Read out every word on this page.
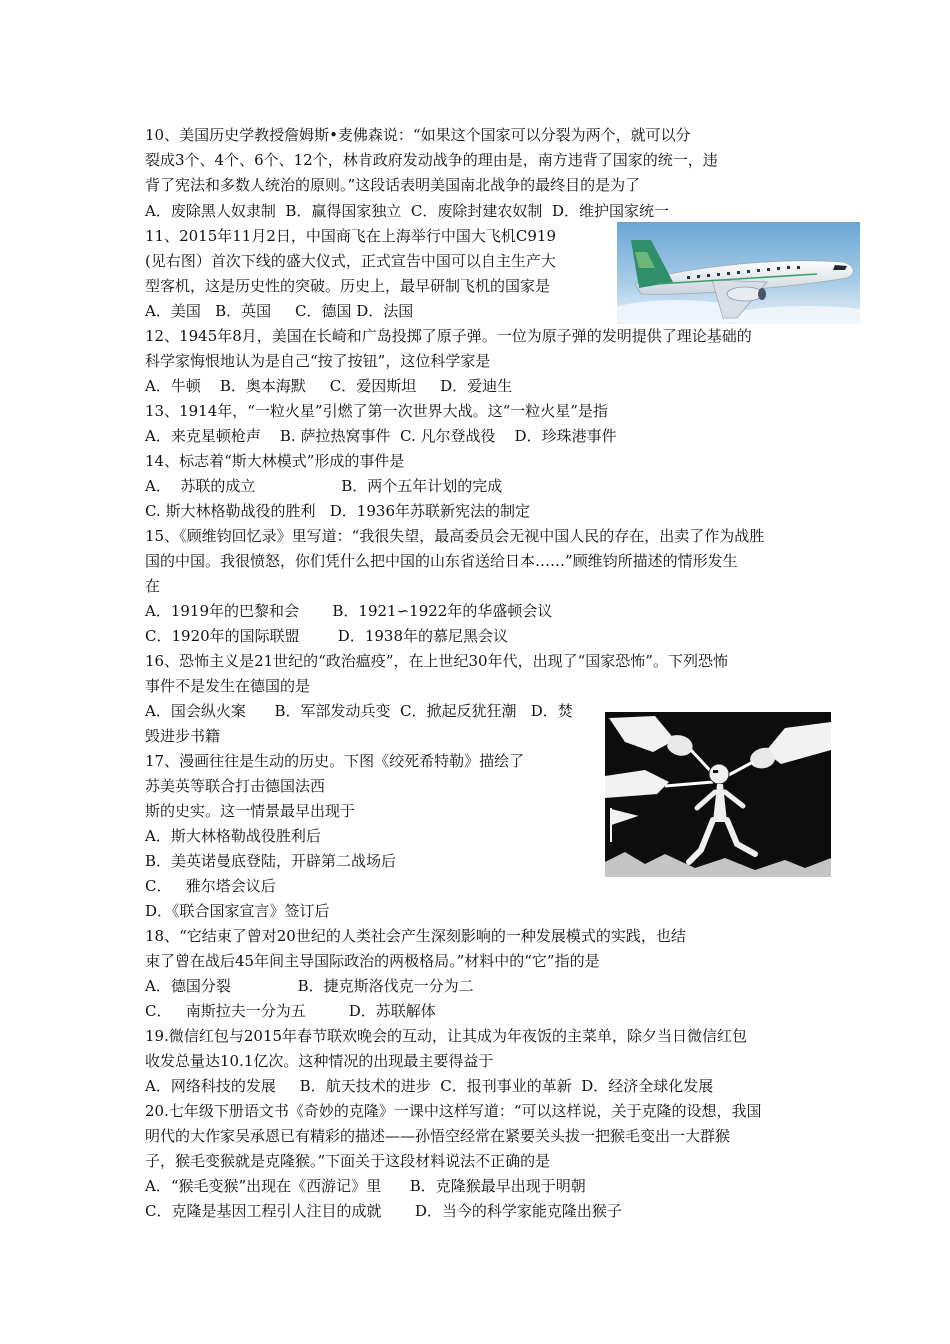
10、美国历史学教授詹姆斯•麦佛森说：“如果这个国家可以分裂为两个，就可以分
裂成3个、4个、6个、12个，林肯政府发动战争的理由是，南方违背了国家的统一，违
背了宪法和多数人统治的原则。”这段话表明美国南北战争的最终目的是为了
A．废除黑人奴隶制  B．赢得国家独立  C．废除封建农奴制  D．维护国家统一
11、2015年11月2日，中国商飞在上海举行中国大飞机C919
(见右图）首次下线的盛大仪式，正式宣告中国可以自主生产大
型客机，这是历史性的突破。历史上，最早研制飞机的国家是
A．美国   B．英国     C．德国 D．法国
12、1945年8月，美国在长崎和广岛投掷了原子弹。一位为原子弹的发明提供了理论基础的
科学家悔恨地认为是自己“按了按钮”，这位科学家是
A．牛顿    B．奥本海默     C．爱因斯坦     D．爱迪生
13、1914年，“一粒火星”引燃了第一次世界大战。这“一粒火星”是指
A．来克星顿枪声    B. 萨拉热窝事件  C. 凡尔登战役    D．珍珠港事件
14、标志着“斯大林模式”形成的事件是
A．  苏联的成立                  B．两个五年计划的完成
C. 斯大林格勒战役的胜利   D．1936年苏联新宪法的制定
15、《顾维钧回忆录》里写道：“我很失望，最高委员会无视中国人民的存在，出卖了作为战胜
国的中国。我很愤怒，你们凭什么把中国的山东省送给日本……”顾维钧所描述的情形发生
在
A．1919年的巴黎和会       B．1921∽1922年的华盛顿会议
C．1920年的国际联盟        D．1938年的慕尼黑会议
16、恐怖主义是21世纪的“政治瘟疫”，在上世纪30年代，出现了“国家恐怖”。下列恐怖
事件不是发生在德国的是
A．国会纵火案      B．军部发动兵变  C．掀起反犹狂潮   D．焚
毁进步书籍
17、漫画往往是生动的历史。下图《绞死希特勒》描绘了
苏美英等联合打击德国法西
斯的史实。这一情景最早出现于
A．斯大林格勒战役胜利后
B．美英诺曼底登陆，开辟第二战场后
C．   雅尔塔会议后
D．《联合国家宣言》签订后
18、“它结束了曾对20世纪的人类社会产生深刻影响的一种发展模式的实践，也结
束了曾在战后45年间主导国际政治的两极格局。”材料中的“它”指的是
A．德国分裂              B．捷克斯洛伐克一分为二
C．   南斯拉夫一分为五         D．苏联解体
19.微信红包与2015年春节联欢晚会的互动，让其成为年夜饭的主菜单，除夕当日微信红包
收发总量达10.1亿次。这种情况的出现最主要得益于
A．网络科技的发展     B．航天技术的进步  C．报刊事业的革新  D．经济全球化发展
20.七年级下册语文书《奇妙的克隆》一课中这样写道：“可以这样说，关于克隆的设想，我国
明代的大作家吴承恩已有精彩的描述——孙悟空经常在紧要关头拔一把猴毛变出一大群猴
子，猴毛变猴就是克隆猴。”下面关于这段材料说法不正确的是
A．“猴毛变猴”出现在《西游记》里      B．克隆猴最早出现于明朝
C．克隆是基因工程引人注目的成就       D．当今的科学家能克隆出猴子
